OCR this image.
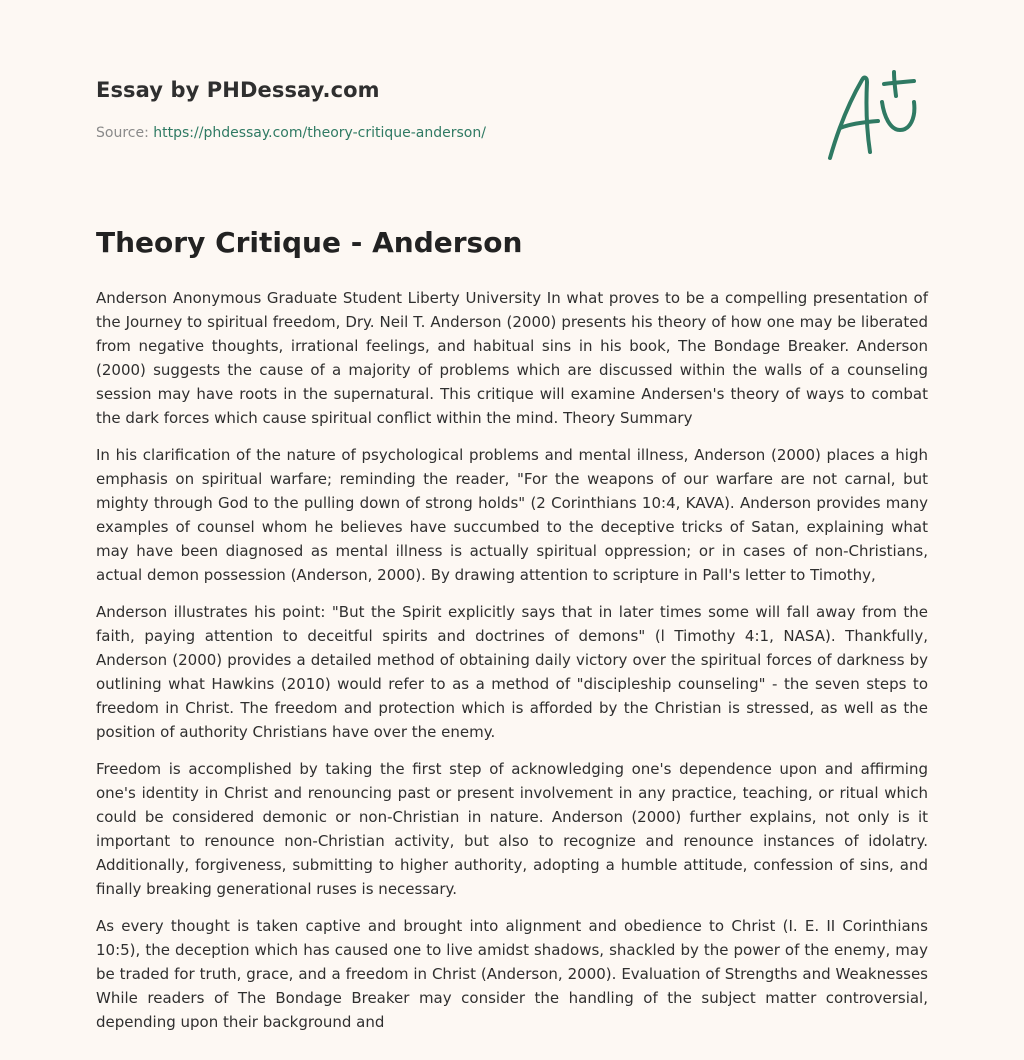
Essay by PHDessay.com
Source: https://phdessay.com/theory-critique-anderson/
Theory Critique - Anderson

Anderson Anonymous Graduate Student Liberty University In what proves to be a compelling presentation of the Journey to spiritual freedom, Dry. Neil T. Anderson (2000) presents his theory of how one may be liberated from negative thoughts, irrational feelings, and habitual sins in his book, The Bondage Breaker. Anderson (2000) suggests the cause of a majority of problems which are discussed within the walls of a counseling session may have roots in the supernatural. This critique will examine Andersen's theory of ways to combat the dark forces which cause spiritual conflict within the mind. Theory Summary

In his clarification of the nature of psychological problems and mental illness, Anderson (2000) places a high emphasis on spiritual warfare; reminding the reader, "For the weapons of our warfare are not carnal, but mighty through God to the pulling down of strong holds" (2 Corinthians 10:4, KAVA). Anderson provides many examples of counsel whom he believes have succumbed to the deceptive tricks of Satan, explaining what may have been diagnosed as mental illness is actually spiritual oppression; or in cases of non-Christians, actual demon possession (Anderson, 2000). By drawing attention to scripture in Pall's letter to Timothy,

Anderson illustrates his point: "But the Spirit explicitly says that in later times some will fall away from the faith, paying attention to deceitful spirits and doctrines of demons" (l Timothy 4:1, NASA). Thankfully, Anderson (2000) provides a detailed method of obtaining daily victory over the spiritual forces of darkness by outlining what Hawkins (2010) would refer to as a method of "discipleship counseling" - the seven steps to freedom in Christ. The freedom and protection which is afforded by the Christian is stressed, as well as the position of authority Christians have over the enemy.

Freedom is accomplished by taking the first step of acknowledging one's dependence upon and affirming one's identity in Christ and renouncing past or present involvement in any practice, teaching, or ritual which could be considered demonic or non-Christian in nature. Anderson (2000) further explains, not only is it important to renounce non-Christian activity, but also to recognize and renounce instances of idolatry. Additionally, forgiveness, submitting to higher authority, adopting a humble attitude, confession of sins, and finally breaking generational ruses is necessary.

As every thought is taken captive and brought into alignment and obedience to Christ (I. E. II Corinthians 10:5), the deception which has caused one to live amidst shadows, shackled by the power of the enemy, may be traded for truth, grace, and a freedom in Christ (Anderson, 2000). Evaluation of Strengths and Weaknesses While readers of The Bondage Breaker may consider the handling of the subject matter controversial, depending upon their background and
